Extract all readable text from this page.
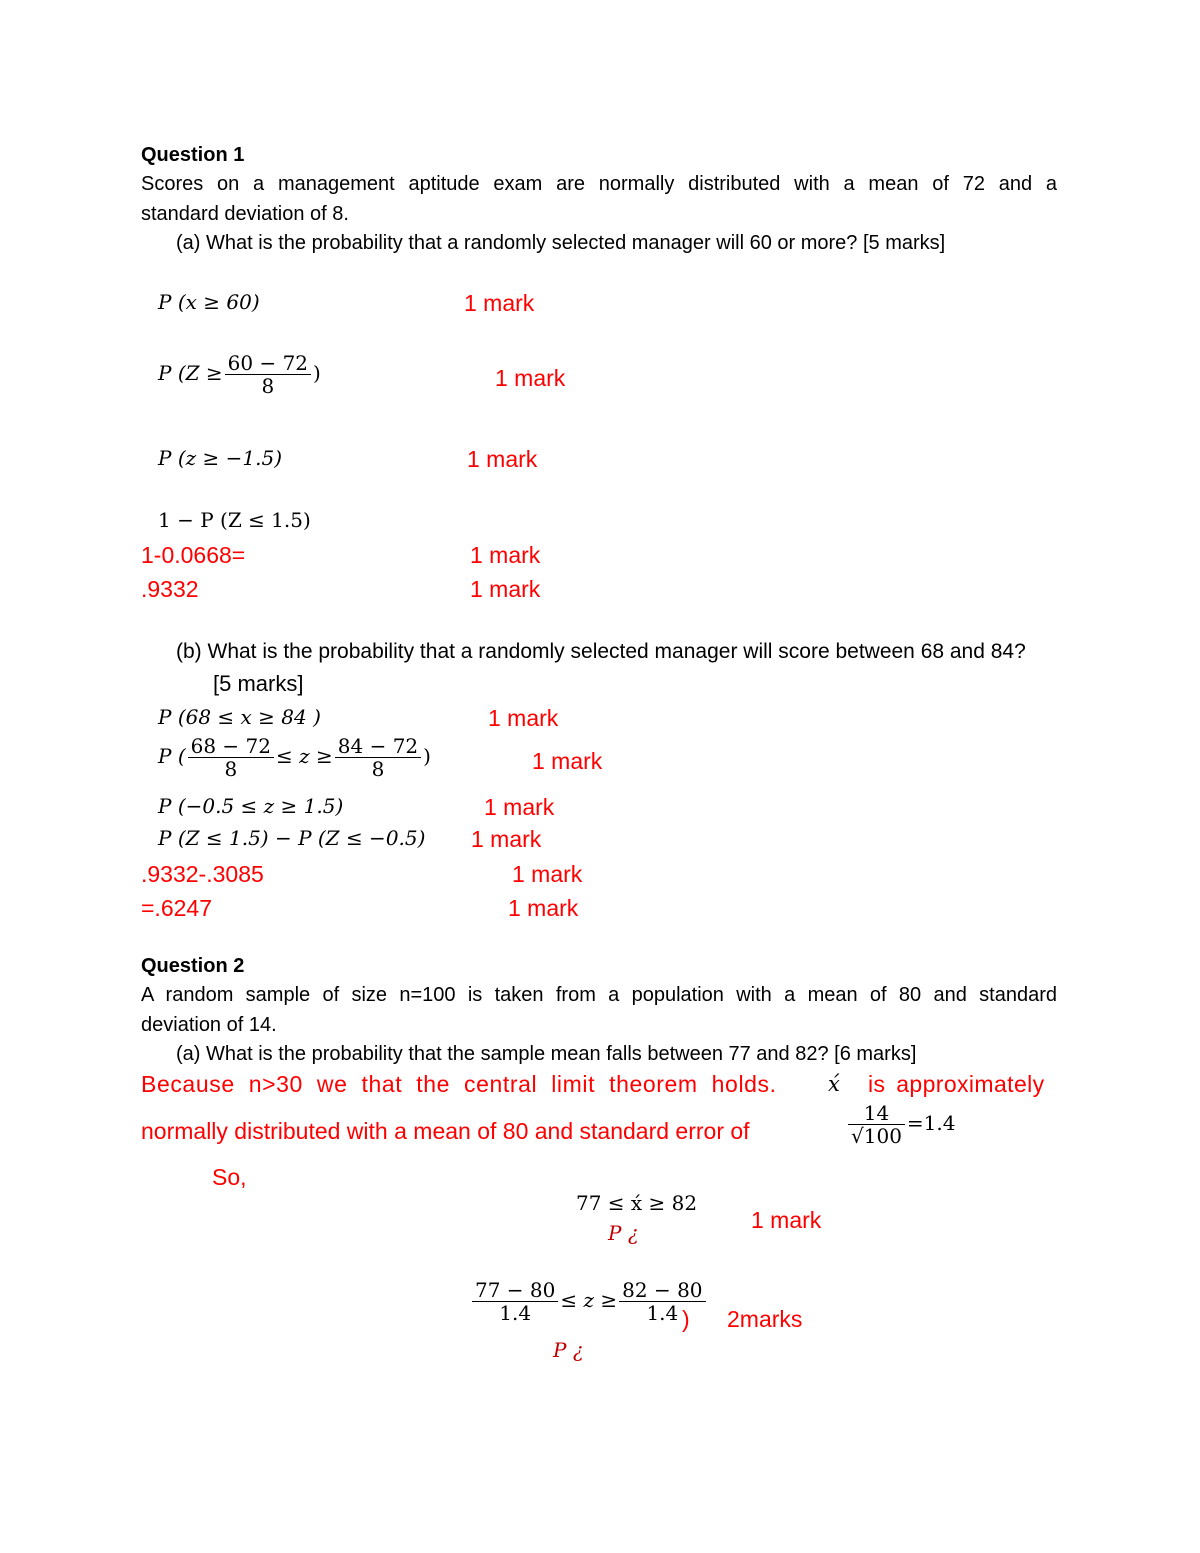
Question 1
Scores on a management aptitude exam are normally distributed with a mean of 72 and a
standard deviation of 8.
(a) What is the probability that a randomly selected manager will 60 or more? [5 marks]
P (x ≥ 60)	1 mark
P ($Z \ge \frac{60 - 72}{8}$ )	1 mark
P (z ≥ −1.5)	1 mark
1 − P (Z ≤ 1.5)
1-0.0668=	1 mark
.9332	1 mark
(b) What is the probability that a randomly selected manager will score between 68 and 84?
[5 marks]
P (68 ≤ x ≥ 84 )	1 mark
P ( $\frac{68 - 72}{8} \le z \ge \frac{84 - 72}{8}$ )	1 mark
P (−0.5 ≤ z ≥ 1.5)	1 mark
P (Z ≤ 1.5) − P (Z ≤ −0.5) 1 mark
.9332-.3085	1 mark
=.6247	1 mark
Question 2
A random sample of size n=100 is taken from a population with a mean of 80 and standard
deviation of 14.
(a) What is the probability that the sample mean falls between 77 and 82? [6 marks]
Because n>30 we that the central limit theorem holds. x́ is approximately
normally distributed with a mean of 80 and standard error of	$\frac{14}{√100} =1.4$
So,
77 ≤ x́ ≥ 82
P ¿	1 mark
$\frac{77 - 80}{1.4} \le z \ge \frac{82 - 80}{1.4}$
) 2marks
P ¿
